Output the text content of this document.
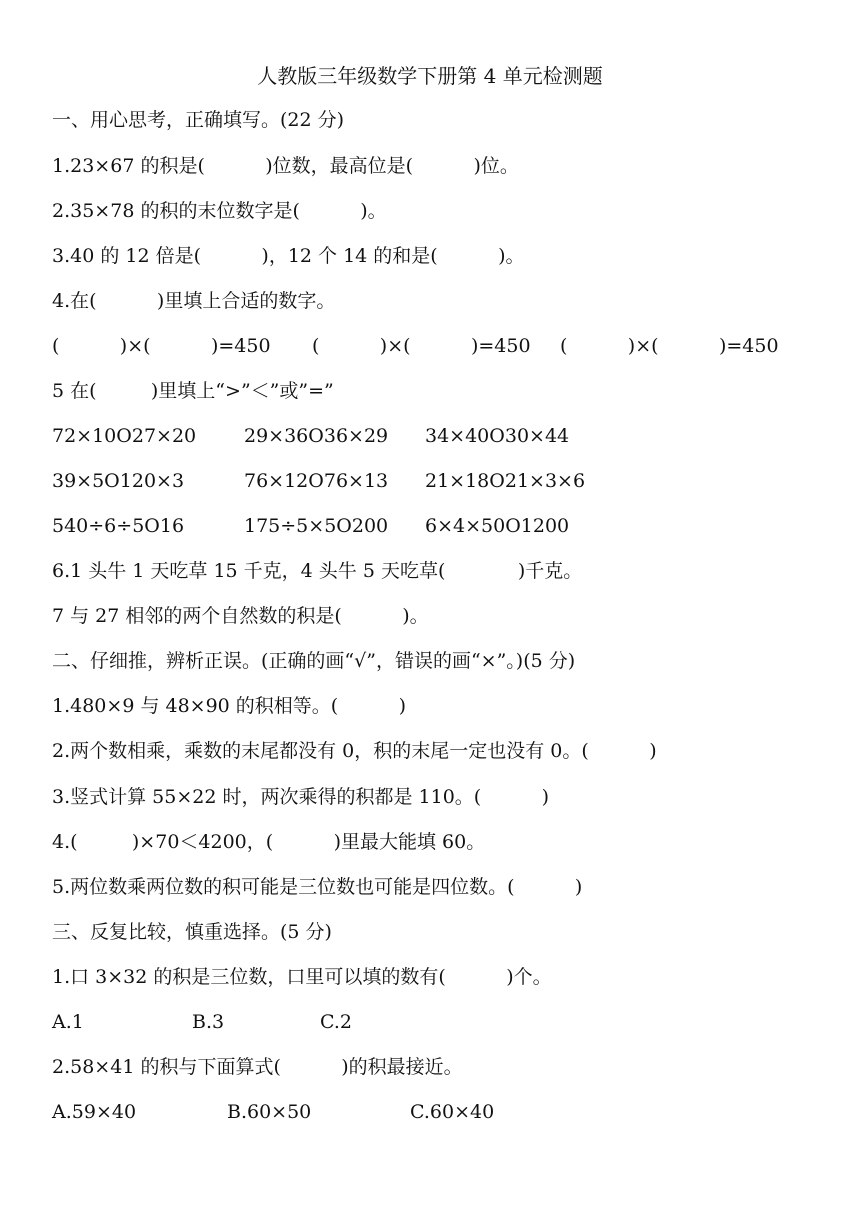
人教版三年级数学下册第 4 单元检测题
一、用心思考，正确填写。(22 分)
1.23×67 的积是(          )位数，最高位是(          )位。
2.35×78 的积的末位数字是(          )。
3.40 的 12 倍是(          )，12 个 14 的和是(          )。
4.在(          )里填上合适的数字。
(          )×(          )=450 (          )×(          )=450 (          )×(          )=450
5 在(         )里填上“>”＜”或”=”
72×10O27×20	29×36O36×29 34×40O30×44
39×5O120×3	76×12O76×13 21×18O21×3×6
540÷6÷5O16	175÷5×5O200 6×4×50O1200
6.1 头牛 1 天吃草 15 千克，4 头牛 5 天吃草(            )千克。
7 与 27 相邻的两个自然数的积是(          )。
二、仔细推，辨析正误。(正确的画“√”，错误的画“×”。)(5 分)
1.480×9 与 48×90 的积相等。(          )
2.两个数相乘，乘数的末尾都没有 0，积的末尾一定也没有 0。(          )
3.竖式计算 55×22 时，两次乘得的积都是 110。(          )
4.(         )×70＜4200，(          )里最大能填 60。
5.两位数乘两位数的积可能是三位数也可能是四位数。(          )
三、反复比较，慎重选择。(5 分)
1.口 3×32 的积是三位数，口里可以填的数有(          )个。
A.1	B.3	C.2
2.58×41 的积与下面算式(          )的积最接近。
A.59×40	B.60×50	C.60×40
